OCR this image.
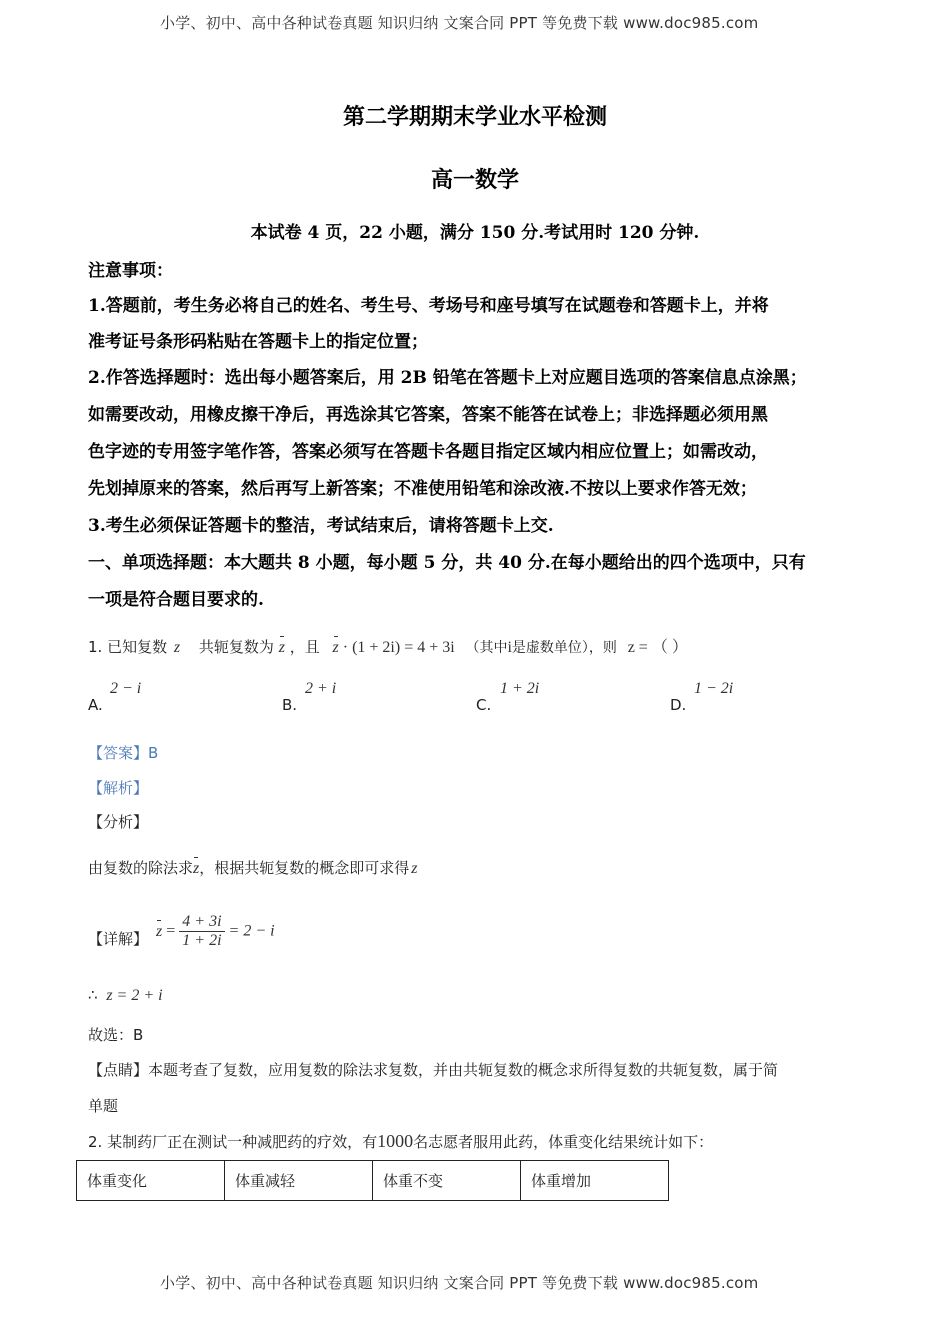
小学、初中、高中各种试卷真题 知识归纳 文案合同 PPT 等免费下载 www.doc985.com
第二学期期末学业水平检测
高一数学
本试卷 4 页，22 小题，满分 150 分.考试用时 120 分钟.
注意事项：
1.答题前，考生务必将自己的姓名、考生号、考场号和座号填写在试题卷和答题卡上，并将
准考证号条形码粘贴在答题卡上的指定位置；
2.作答选择题时：选出每小题答案后，用 2B 铅笔在答题卡上对应题目选项的答案信息点涂黑；
如需要改动，用橡皮擦干净后，再选涂其它答案，答案不能答在试卷上；非选择题必须用黑
色字迹的专用签字笔作答，答案必须写在答题卡各题目指定区域内相应位置上；如需改动，
先划掉原来的答案，然后再写上新答案；不准使用铅笔和涂改液.不按以上要求作答无效；
3.考生必须保证答题卡的整洁，考试结束后，请将答题卡上交.
一、单项选择题：本大题共 8 小题，每小题 5 分，共 40 分.在每小题给出的四个选项中，只有
一项是符合题目要求的.
1. 已知复数 z 共轭复数为 z ，且 z · (1 + 2i) = 4 + 3i （其中i是虚数单位），则 z = （ ）
A.
2 − i
B.
2 + i
C.
1 + 2i
D.
1 − 2i
【答案】B
【解析】
【分析】
由复数的除法求z，根据共轭复数的概念即可求得 z
【详解】 $z = \frac{4 + 3i}{1 + 2i} = 2 - i$
∴ z = 2 + i
故选：B
【点睛】本题考查了复数，应用复数的除法求复数，并由共轭复数的概念求所得复数的共轭复数，属于简
单题
2. 某制药厂正在测试一种减肥药的疗效，有1000名志愿者服用此药，体重变化结果统计如下：
体重变化	体重减轻	体重不变	体重增加
小学、初中、高中各种试卷真题 知识归纳 文案合同 PPT 等免费下载 www.doc985.com
